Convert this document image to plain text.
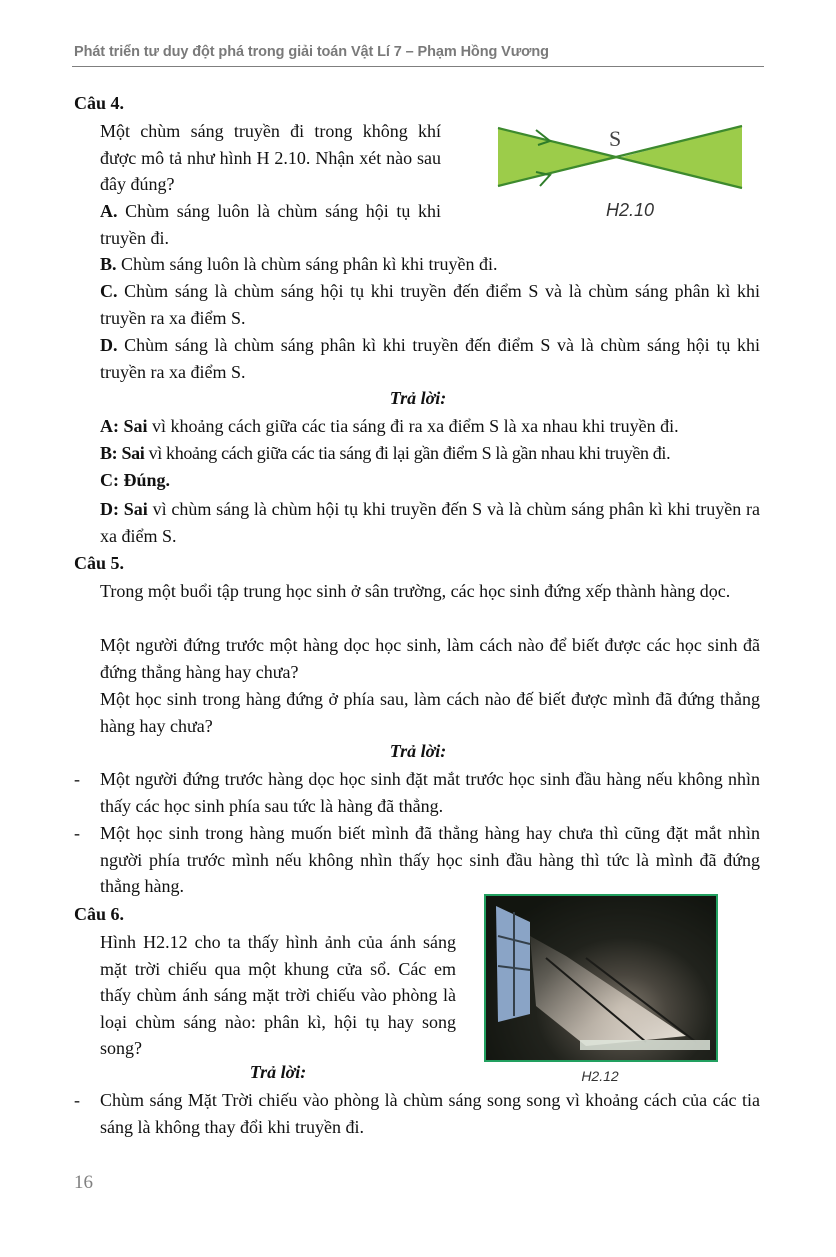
Phát triển tư duy đột phá trong giải toán Vật Lí 7 – Phạm Hồng Vương
Câu 4.
Một chùm sáng truyền đi trong không khí được mô tả như hình H 2.10. Nhận xét nào sau đây đúng?
A. Chùm sáng luôn là chùm sáng hội tụ khi truyền đi.
B. Chùm sáng luôn là chùm sáng phân kì khi truyền đi.
C. Chùm sáng là chùm sáng hội tụ khi truyền đến điểm S và là chùm sáng phân kì khi truyền ra xa điểm S.
D. Chùm sáng là chùm sáng phân kì khi truyền đến điểm S và là chùm sáng hội tụ khi truyền ra xa điểm S.
S
H2.10
Trả lời:
A: Sai vì khoảng cách giữa các tia sáng đi ra xa điểm S là xa nhau khi truyền đi.
B: Sai vì khoảng cách giữa các tia sáng đi lại gần điểm S là gần nhau khi truyền đi.
C: Đúng.
D: Sai vì chùm sáng là chùm hội tụ khi truyền đến S và là chùm sáng phân kì khi truyền ra xa điểm S.
Câu 5.
Trong một buổi tập trung học sinh ở sân trường, các học sinh đứng xếp thành hàng dọc.
Một người đứng trước một hàng dọc học sinh, làm cách nào để biết được các học sinh đã đứng thẳng hàng hay chưa?
Một học sinh trong hàng đứng ở phía sau, làm cách nào đế biết được mình đã đứng thẳng hàng hay chưa?
Trả lời:
- Một người đứng trước hàng dọc học sinh đặt mắt trước học sinh đầu hàng nếu không nhìn thấy các học sinh phía sau tức là hàng đã thẳng.
- Một học sinh trong hàng muốn biết mình đã thẳng hàng hay chưa thì cũng đặt mắt nhìn người phía trước mình nếu không nhìn thấy học sinh đầu hàng thì tức là mình đã đứng thẳng hàng.
Câu 6.
Hình H2.12 cho ta thấy hình ảnh của ánh sáng mặt trời chiếu qua một khung cửa sổ. Các em thấy chùm ánh sáng mặt trời chiếu vào phòng là loại chùm sáng nào: phân kì, hội tụ hay song song?
H2.12
Trả lời:
- Chùm sáng Mặt Trời chiếu vào phòng là chùm sáng song song vì khoảng cách của các tia sáng là không thay đổi khi truyền đi.
16
